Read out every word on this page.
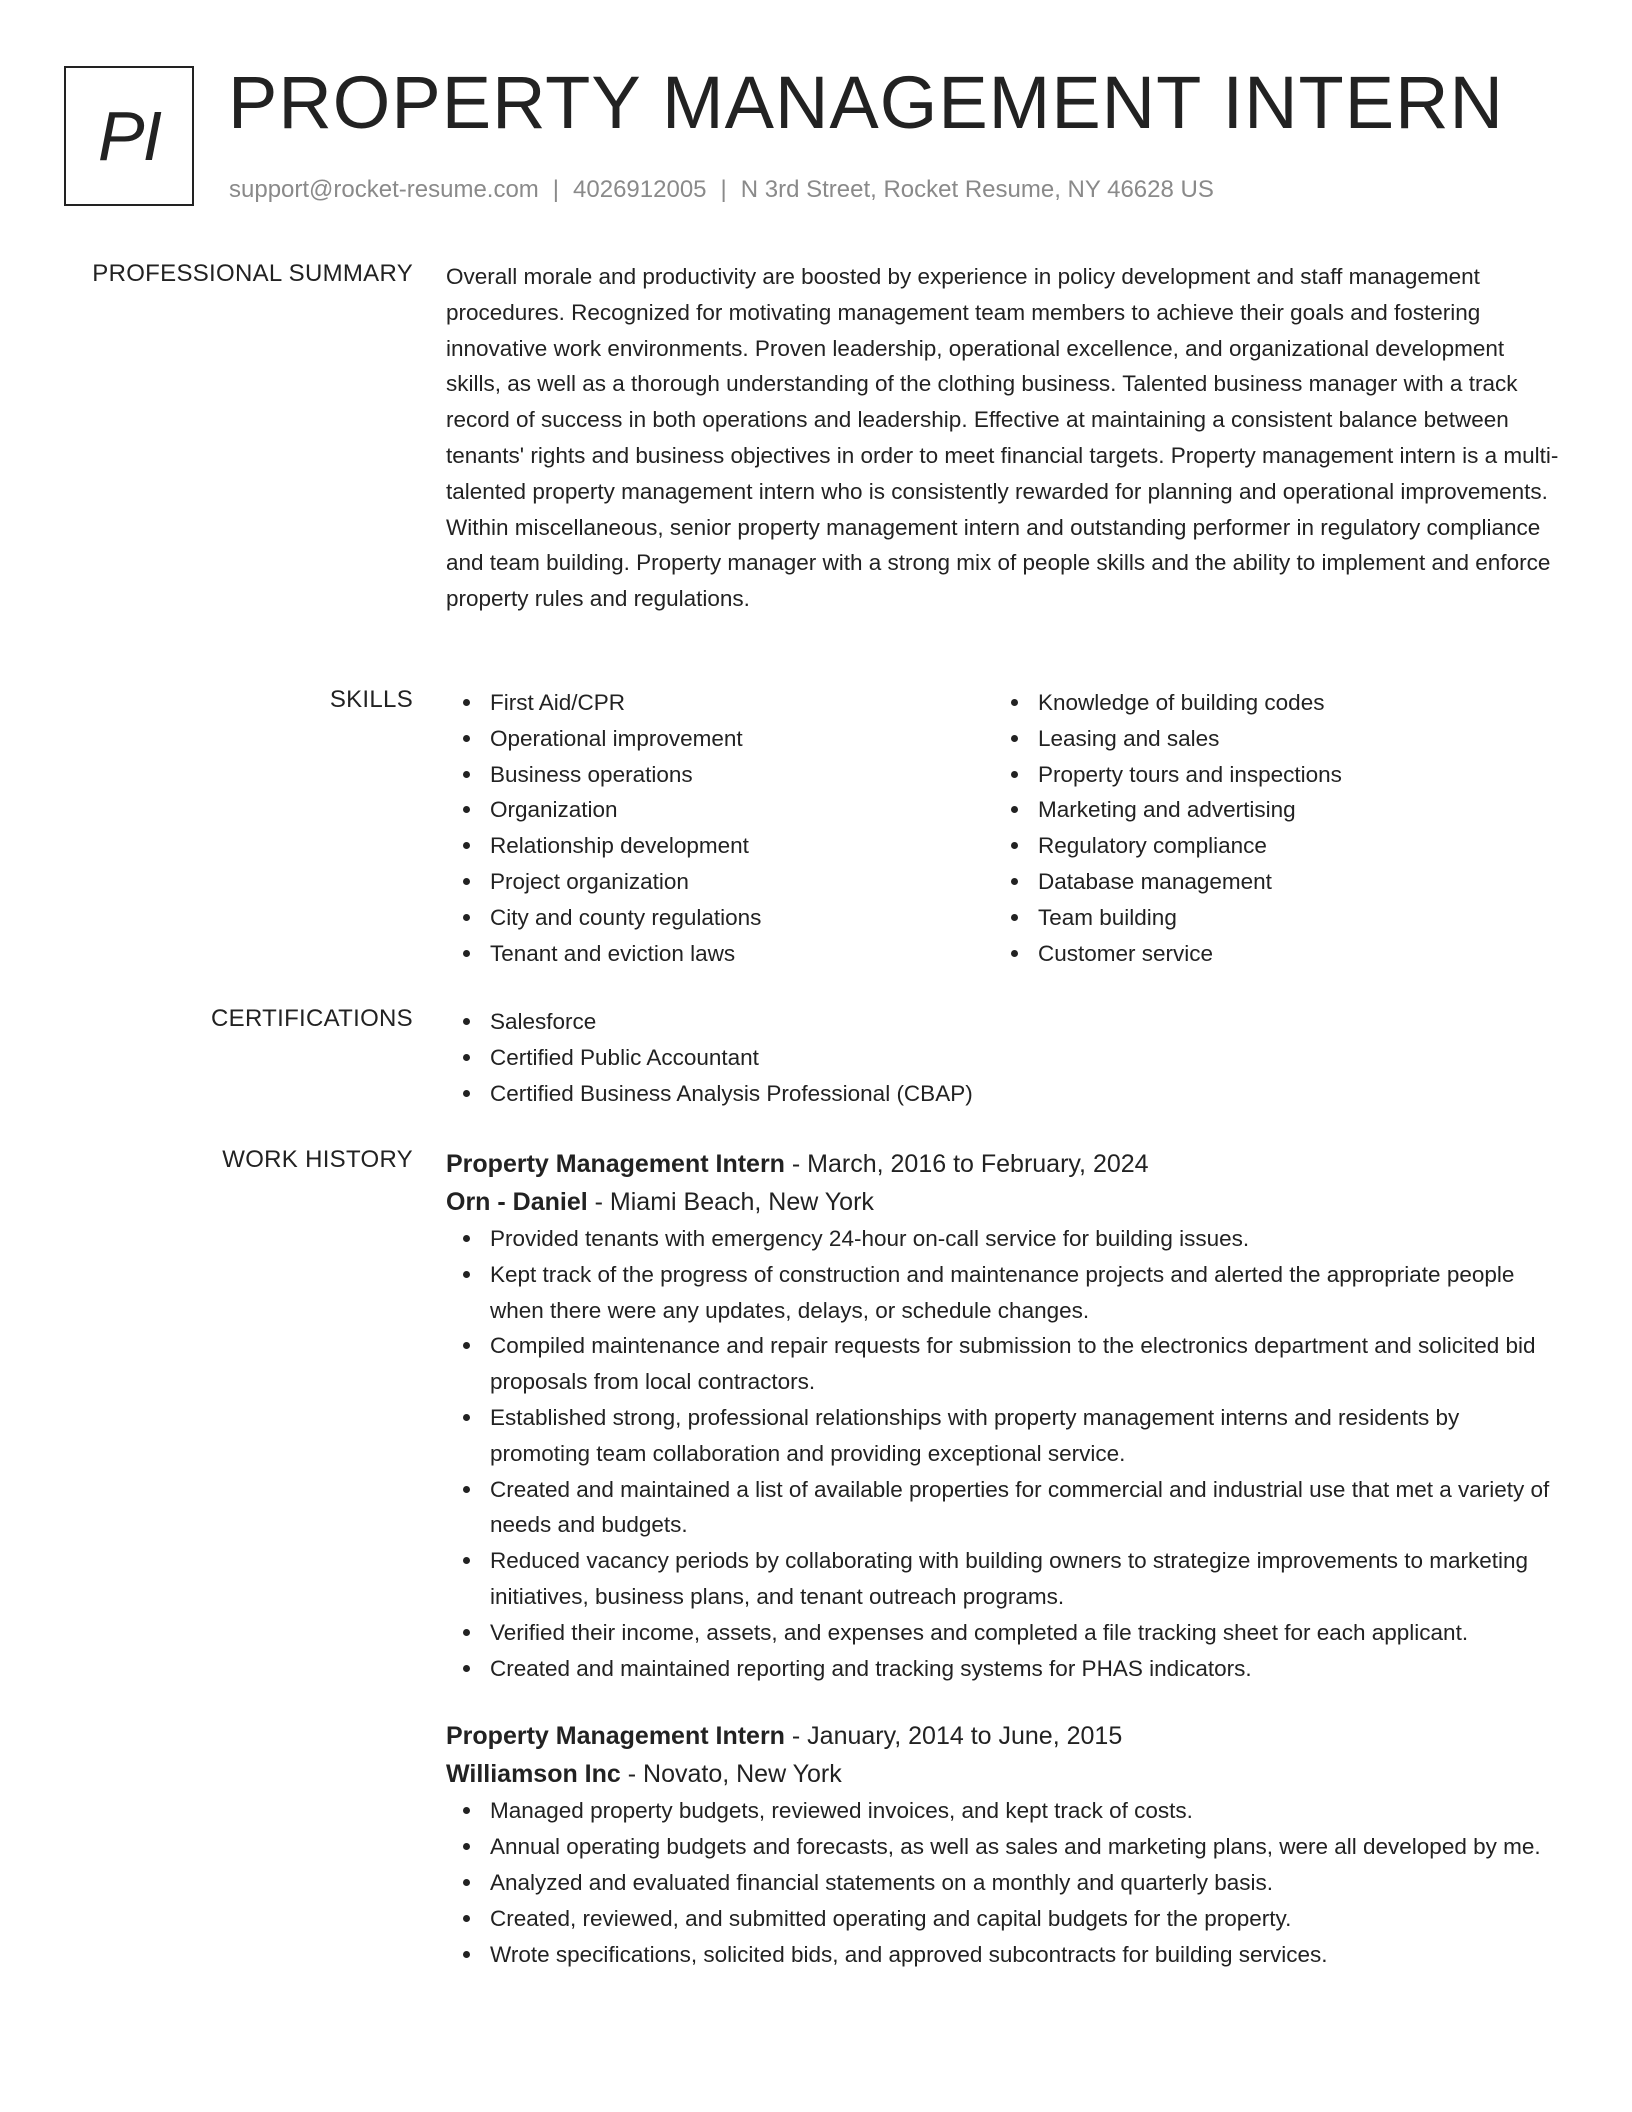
PI PROPERTY MANAGEMENT INTERN
support@rocket-resume.com | 4026912005 | N 3rd Street, Rocket Resume, NY 46628 US
PROFESSIONAL SUMMARY Overall morale and productivity are boosted by experience in policy development and staff management procedures. Recognized for motivating management team members to achieve their goals and fostering innovative work environments. Proven leadership, operational excellence, and organizational development skills, as well as a thorough understanding of the clothing business. Talented business manager with a track record of success in both operations and leadership. Effective at maintaining a consistent balance between tenants' rights and business objectives in order to meet financial targets. Property management intern is a multi-talented property management intern who is consistently rewarded for planning and operational improvements. Within miscellaneous, senior property management intern and outstanding performer in regulatory compliance and team building. Property manager with a strong mix of people skills and the ability to implement and enforce property rules and regulations.

SKILLS	First Aid/CPR
Operational improvement
Business operations
Organization
Relationship development
Project organization
City and county regulations
Tenant and eviction laws
Knowledge of building codes
Leasing and sales
Property tours and inspections
Marketing and advertising
Regulatory compliance
Database management
Team building
Customer service
CERTIFICATIONS	Salesforce
Certified Public Accountant
Certified Business Analysis Professional (CBAP)
WORK HISTORY Property Management Intern - March, 2016 to February, 2024
Orn - Daniel - Miami Beach, New York
Provided tenants with emergency 24-hour on-call service for building issues.
Kept track of the progress of construction and maintenance projects and alerted the appropriate people when there were any updates, delays, or schedule changes.
Compiled maintenance and repair requests for submission to the electronics department and solicited bid proposals from local contractors.
Established strong, professional relationships with property management interns and residents by promoting team collaboration and providing exceptional service.
Created and maintained a list of available properties for commercial and industrial use that met a variety of needs and budgets.
Reduced vacancy periods by collaborating with building owners to strategize improvements to marketing initiatives, business plans, and tenant outreach programs.
Verified their income, assets, and expenses and completed a file tracking sheet for each applicant.
Created and maintained reporting and tracking systems for PHAS indicators.
Property Management Intern - January, 2014 to June, 2015
Williamson Inc - Novato, New York
Managed property budgets, reviewed invoices, and kept track of costs.
Annual operating budgets and forecasts, as well as sales and marketing plans, were all developed by me.
Analyzed and evaluated financial statements on a monthly and quarterly basis.
Created, reviewed, and submitted operating and capital budgets for the property.
Wrote specifications, solicited bids, and approved subcontracts for building services.
